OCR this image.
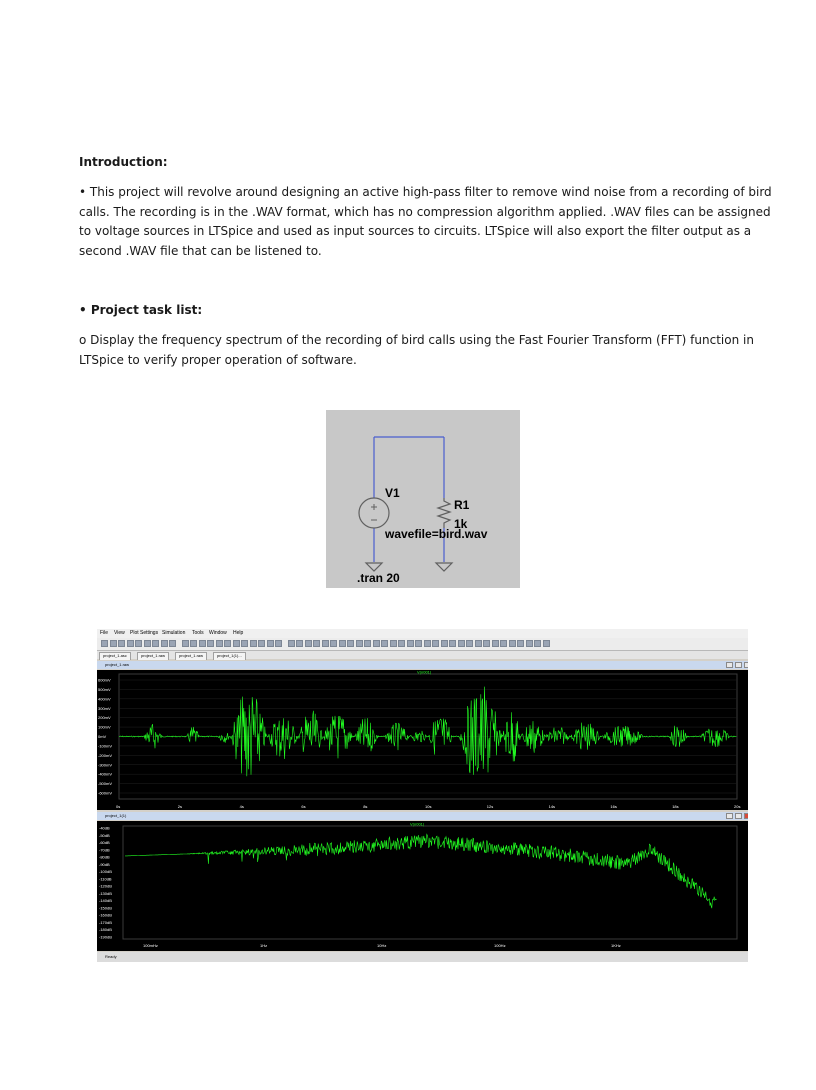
Introduction:
• This project will revolve around designing an active high-pass filter to remove wind noise from a recording of bird
calls. The recording is in the .WAV format, which has no compression algorithm applied. .WAV files can be assigned
to voltage sources in LTSpice and used as input sources to circuits. LTSpice will also export the filter output as a
second .WAV file that can be listened to.
• Project task list:
o Display the frequency spectrum of the recording of bird calls using the Fast Fourier Transform (FFT) function in
LTSpice to verify proper operation of software.
V1
R1
1k
wavefile=bird.wav
.tran 20
File View Plot Settings Simulation Tools Window Help
project_1.asc	project_1.raw	project_1.raw	project_1(1)...
project_1.raw
600mV
500mV
400mV
300mV
200mV
100mV
0mV
-100mV
-200mV
-300mV
-400mV
-500mV
-600mV
0s	2s	4s	6s	8s	10s	12s	14s	16s	18s	20s
V(n001)
project_1(1)
-40dB
-50dB
-60dB
-70dB
-80dB
-90dB
-100dB
-110dB
-120dB
-130dB
-140dB
-150dB
-160dB
-170dB
-180dB
-190dB
100mHz	1Hz	10Hz	100Hz	1KHz
V(n001)
Ready
